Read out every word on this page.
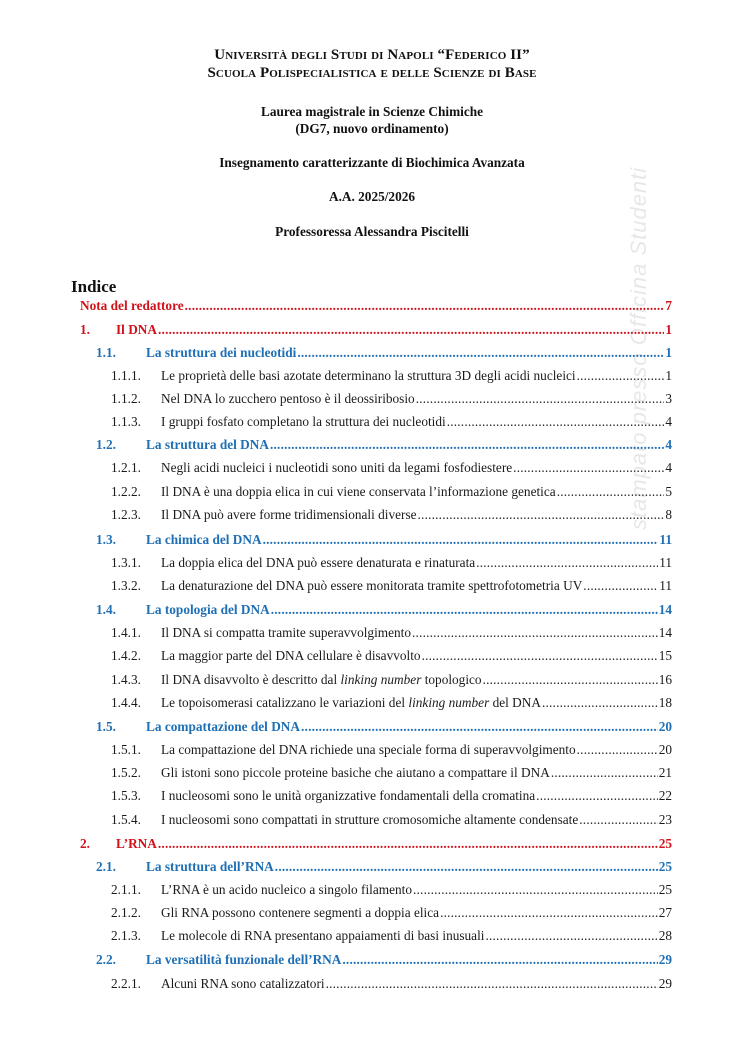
Università degli Studi di Napoli “Federico II”
Scuola Polispecialistica e delle Scienze di Base
Laurea magistrale in Scienze Chimiche
(DG7, nuovo ordinamento)
Insegnamento caratterizzante di Biochimica Avanzata
A.A. 2025/2026
Professoressa Alessandra Piscitelli
Indice
Nota del redattore .....	7
1.	Il DNA .....	1
1.1.	La struttura dei nucleotidi .....	1
1.1.1.	Le proprietà delle basi azotate determinano la struttura 3D degli acidi nucleici .....	1
1.1.2.	Nel DNA lo zucchero pentoso è il deossiribosio .....	3
1.1.3.	I gruppi fosfato completano la struttura dei nucleotidi .....	4
1.2.	La struttura del DNA .....	4
1.2.1.	Negli acidi nucleici i nucleotidi sono uniti da legami fosfodiestere .....	4
1.2.2.	Il DNA è una doppia elica in cui viene conservata l’informazione genetica .....	5
1.2.3.	Il DNA può avere forme tridimensionali diverse .....	8
1.3.	La chimica del DNA .....	11
1.3.1.	La doppia elica del DNA può essere denaturata e rinaturata .....	11
1.3.2.	La denaturazione del DNA può essere monitorata tramite spettrofotometria UV .....	11
1.4.	La topologia del DNA .....	14
1.4.1.	Il DNA si compatta tramite superavvolgimento .....	14
1.4.2.	La maggior parte del DNA cellulare è disavvolto .....	15
1.4.3.	Il DNA disavvolto è descritto dal linking number topologico .....	16
1.4.4.	Le topoisomerasi catalizzano le variazioni del linking number del DNA .....	18
1.5.	La compattazione del DNA .....	20
1.5.1.	La compattazione del DNA richiede una speciale forma di superavvolgimento .....	20
1.5.2.	Gli istoni sono piccole proteine basiche che aiutano a compattare il DNA .....	21
1.5.3.	I nucleosomi sono le unità organizzative fondamentali della cromatina .....	22
1.5.4.	I nucleosomi sono compattati in strutture cromosomiche altamente condensate .....	23
2.	L’RNA .....	25
2.1.	La struttura dell’RNA .....	25
2.1.1.	L’RNA è un acido nucleico a singolo filamento .....	25
2.1.2.	Gli RNA possono contenere segmenti a doppia elica .....	27
2.1.3.	Le molecole di RNA presentano appaiamenti di basi inusuali .....	28
2.2.	La versatilità funzionale dell’RNA .....	29
2.2.1.	Alcuni RNA sono catalizzatori .....	29
stampato presso Officina Studenti
